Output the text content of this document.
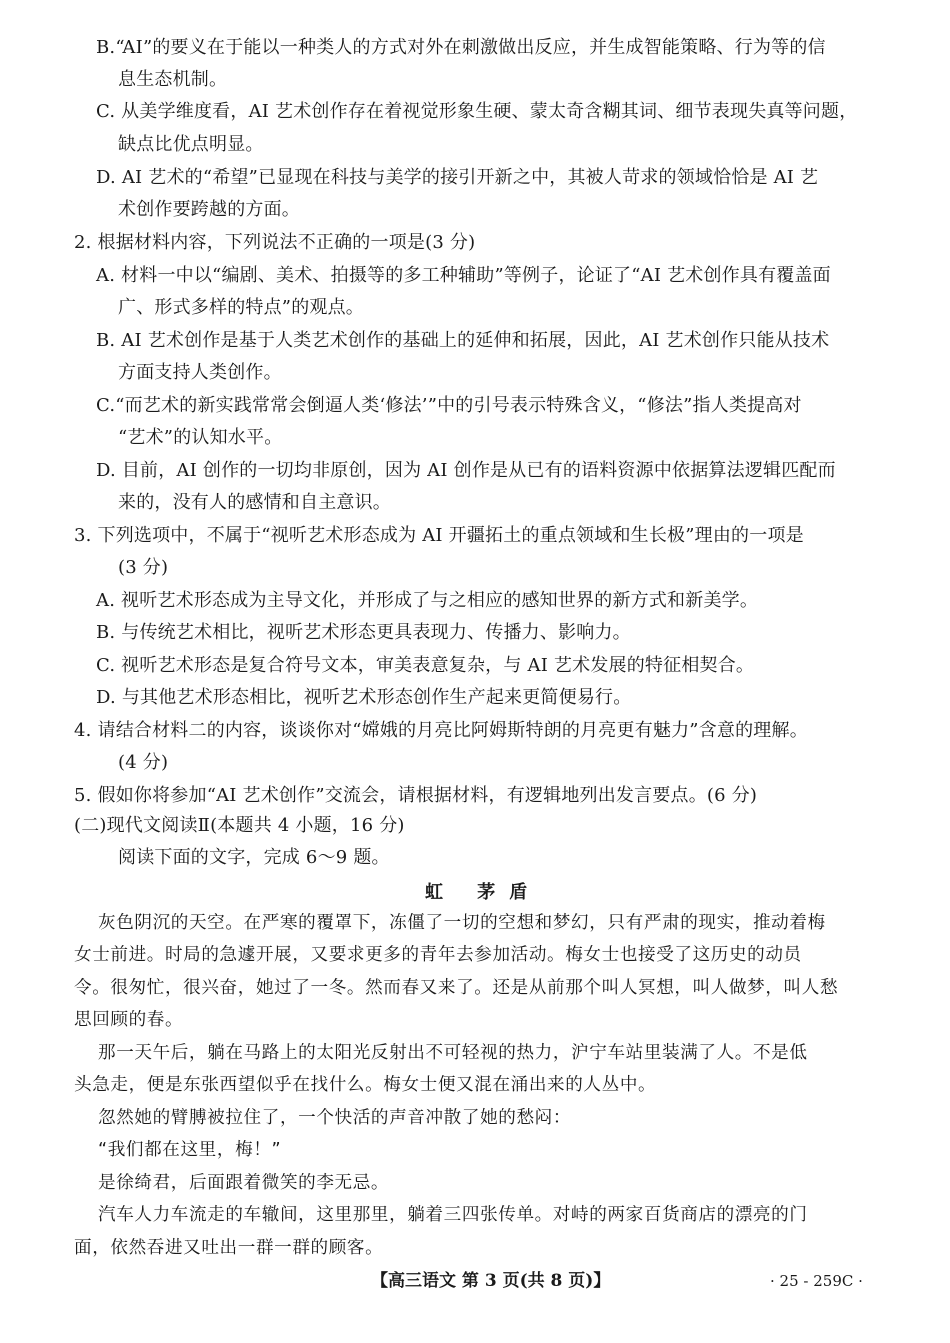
B.“AI”的要义在于能以一种类人的方式对外在刺激做出反应，并生成智能策略、行为等的信
息生态机制。
C. 从美学维度看，AI 艺术创作存在着视觉形象生硬、蒙太奇含糊其词、细节表现失真等问题，
缺点比优点明显。
D. AI 艺术的“希望”已显现在科技与美学的接引开新之中，其被人苛求的领域恰恰是 AI 艺
术创作要跨越的方面。
2. 根据材料内容，下列说法不正确的一项是(3 分)
A. 材料一中以“编剧、美术、拍摄等的多工种辅助”等例子，论证了“AI 艺术创作具有覆盖面
广、形式多样的特点”的观点。
B. AI 艺术创作是基于人类艺术创作的基础上的延伸和拓展，因此，AI 艺术创作只能从技术
方面支持人类创作。
C.“而艺术的新实践常常会倒逼人类‘修法’”中的引号表示特殊含义，“修法”指人类提高对
“艺术”的认知水平。
D. 目前，AI 创作的一切均非原创，因为 AI 创作是从已有的语料资源中依据算法逻辑匹配而
来的，没有人的感情和自主意识。
3. 下列选项中，不属于“视听艺术形态成为 AI 开疆拓土的重点领域和生长极”理由的一项是
(3 分)
A. 视听艺术形态成为主导文化，并形成了与之相应的感知世界的新方式和新美学。
B. 与传统艺术相比，视听艺术形态更具表现力、传播力、影响力。
C. 视听艺术形态是复合符号文本，审美表意复杂，与 AI 艺术发展的特征相契合。
D. 与其他艺术形态相比，视听艺术形态创作生产起来更简便易行。
4. 请结合材料二的内容，谈谈你对“嫦娥的月亮比阿姆斯特朗的月亮更有魅力”含意的理解。
(4 分)
5. 假如你将参加“AI 艺术创作”交流会，请根据材料，有逻辑地列出发言要点。(6 分)
(二)现代文阅读Ⅱ(本题共 4 小题，16 分)
阅读下面的文字，完成 6～9 题。
虹 茅盾
灰色阴沉的天空。在严寒的覆罩下，冻僵了一切的空想和梦幻，只有严肃的现实，推动着梅
女士前进。时局的急遽开展，又要求更多的青年去参加活动。梅女士也接受了这历史的动员
令。很匆忙，很兴奋，她过了一冬。然而春又来了。还是从前那个叫人冥想，叫人做梦，叫人愁
思回顾的春。
那一天午后，躺在马路上的太阳光反射出不可轻视的热力，沪宁车站里装满了人。不是低
头急走，便是东张西望似乎在找什么。梅女士便又混在涌出来的人丛中。
忽然她的臂膊被拉住了，一个快活的声音冲散了她的愁闷：
“我们都在这里，梅！”
是徐绮君，后面跟着微笑的李无忌。
汽车人力车流走的车辙间，这里那里，躺着三四张传单。对峙的两家百货商店的漂亮的门
面，依然吞进又吐出一群一群的顾客。
【高三语文 第 3 页(共 8 页)】	· 25 - 259C ·
